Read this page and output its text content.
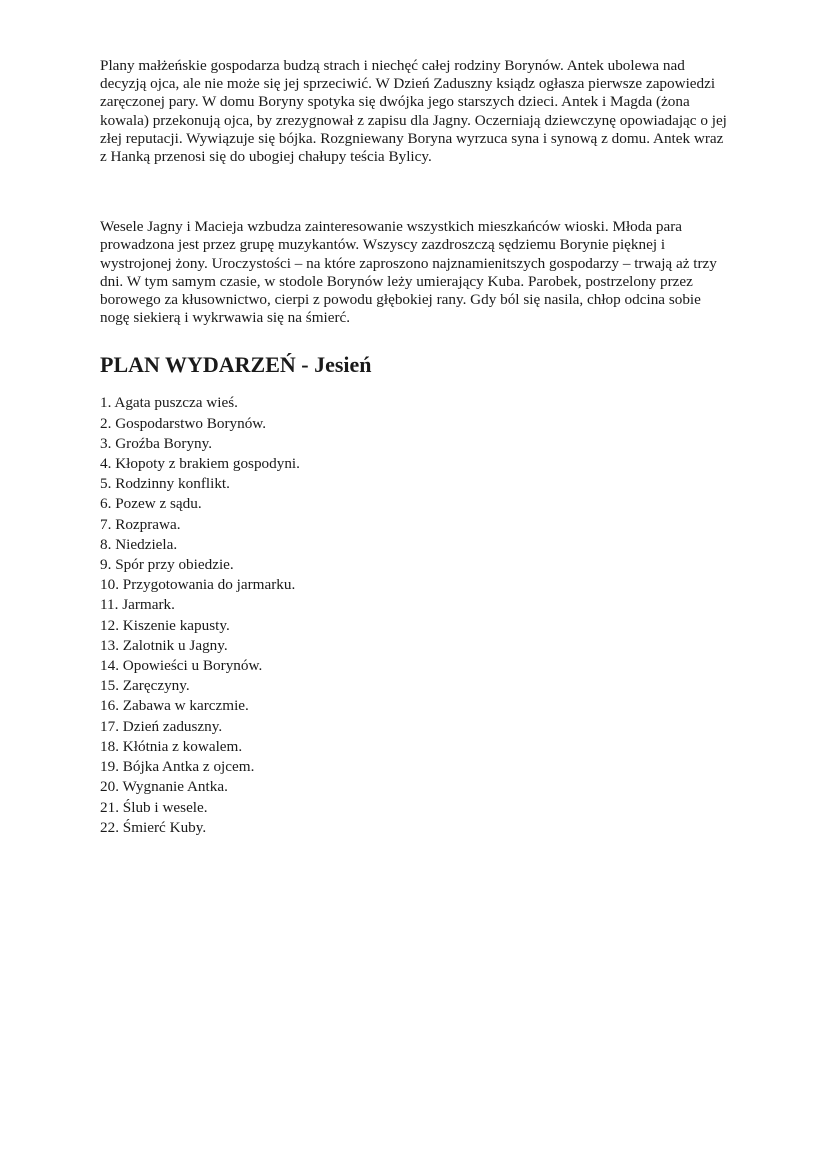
Plany małżeńskie gospodarza budzą strach i niechęć całej rodziny Borynów. Antek ubolewa nad decyzją ojca, ale nie może się jej sprzeciwić. W Dzień Zaduszny ksiądz ogłasza pierwsze zapowiedzi zaręczonej pary. W domu Boryny spotyka się dwójka jego starszych dzieci. Antek i Magda (żona kowala) przekonują ojca, by zrezygnował z zapisu dla Jagny. Oczerniają dziewczynę opowiadając o jej złej reputacji. Wywiązuje się bójka. Rozgniewany Boryna wyrzuca syna i synową z domu. Antek wraz z Hanką przenosi się do ubogiej chałupy teścia Bylicy.

Wesele Jagny i Macieja wzbudza zainteresowanie wszystkich mieszkańców wioski. Młoda para prowadzona jest przez grupę muzykantów. Wszyscy zazdroszczą sędziemu Borynie pięknej i wystrojonej żony. Uroczystości – na które zaproszono najznamienitszych gospodarzy – trwają aż trzy dni. W tym samym czasie, w stodole Borynów leży umierający Kuba. Parobek, postrzelony przez borowego za kłusownictwo, cierpi z powodu głębokiej rany. Gdy ból się nasila, chłop odcina sobie nogę siekierą i wykrwawia się na śmierć.

PLAN WYDARZEŃ - Jesień
1. Agata puszcza wieś.
2. Gospodarstwo Borynów.
3. Groźba Boryny.
4. Kłopoty z brakiem gospodyni.
5. Rodzinny konflikt.
6. Pozew z sądu.
7. Rozprawa.
8. Niedziela.
9. Spór przy obiedzie.
10. Przygotowania do jarmarku.
11. Jarmark.
12. Kiszenie kapusty.
13. Zalotnik u Jagny.
14. Opowieści u Borynów.
15. Zaręczyny.
16. Zabawa w karczmie.
17. Dzień zaduszny.
18. Kłótnia z kowalem.
19. Bójka Antka z ojcem.
20. Wygnanie Antka.
21. Ślub i wesele.
22. Śmierć Kuby.
